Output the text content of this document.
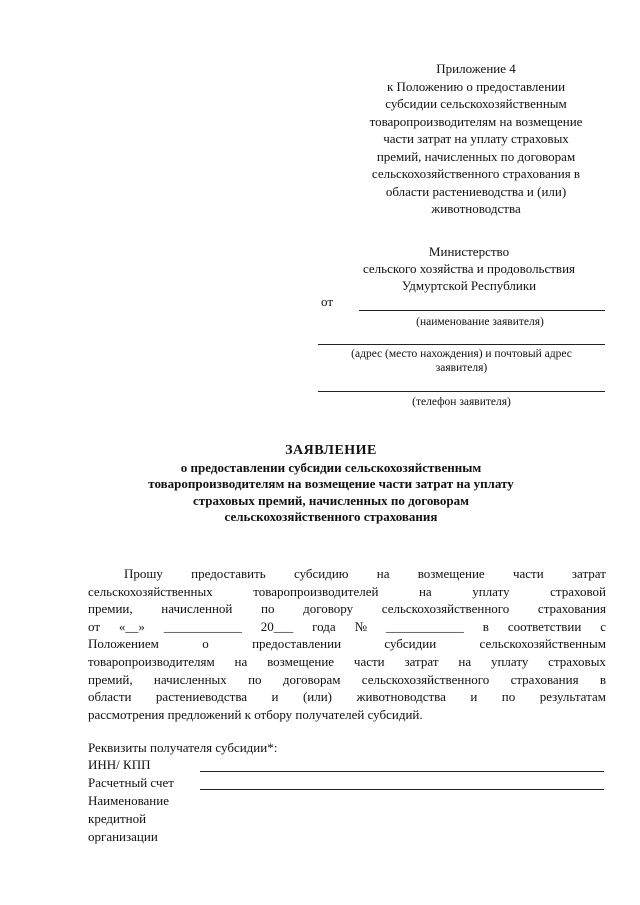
Приложение 4
к Положению о предоставлении
субсидии сельскохозяйственным
товаропроизводителям на возмещение
части затрат на уплату страховых
премий, начисленных по договорам
сельскохозяйственного страхования в
области растениеводства и (или)
животноводства
Министерство
сельского хозяйства и продовольствия
Удмуртской Республики
от
(наименование заявителя)
(адрес (место нахождения) и почтовый адрес
заявителя)
(телефон заявителя)
ЗАЯВЛЕНИЕ
о предоставлении субсидии сельскохозяйственным
товаропроизводителям на возмещение части затрат на уплату
страховых премий, начисленных по договорам
сельскохозяйственного страхования
Прошу предоставить субсидию на возмещение части затрат
сельскохозяйственных	товаропроизводителей	на	уплату	страховой
премии, начисленной по договору сельскохозяйственного страхования
от «__» ____________ 20___ года № ____________ в соответствии с
Положением	о	предоставлении	субсидии	сельскохозяйственным
товаропроизводителям на возмещение части затрат на уплату страховых
премий, начисленных по договорам сельскохозяйственного страхования в
области растениеводства и (или) животноводства и по результатам
рассмотрения предложений к отбору получателей субсидий.
Реквизиты получателя субсидии*:
ИНН/ КПП
Расчетный счет
Наименование
кредитной
организации
